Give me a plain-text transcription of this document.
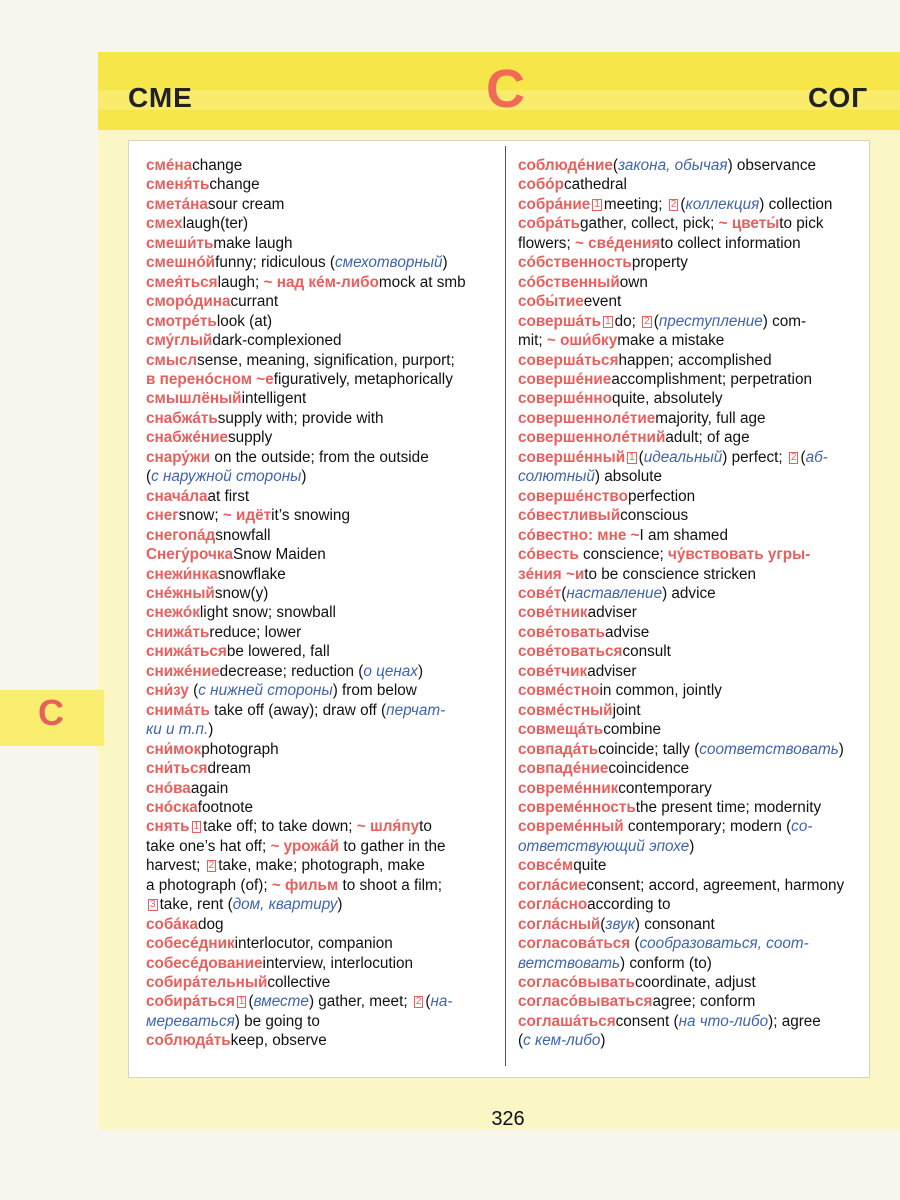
С
СМЕ	С	СОГ
смéнаchange
сменя́тьchange
сметáнаsour cream
смехlaugh(ter)
смеши́тьmake laugh
смешнóйfunny; ridiculous (смехотворный)
смея́тьсяlaugh; ~ над кéм-либоmock at smb
сморóдинаcurrant
смотрéтьlook (at)
сму́глыйdark-complexioned
смыслsense, meaning, signification, purport;
в перенóсном ~еfiguratively, metaphorically
смышлёныйintelligent
снабжáтьsupply with; provide with
снабжéниеsupply
снару́жи on the outside; from the outside
(с наружной стороны)
сначáлаat first
снегsnow; ~ идётit’s snowing
снегопáдsnowfall
Снегу́рочкаSnow Maiden
снежи́нкаsnowflake
снéжныйsnow(y)
снежóкlight snow; snowball
снижáтьreduce; lower
снижáтьсяbe lowered, fall
снижéниеdecrease; reduction (о ценах)
сни́зу (с нижней стороны) from below
снимáть take off (away); draw off (перчат-
ки и т.п.)
сни́мокphotograph
сни́тьсяdream
снóваagain
снóскаfootnote
снять 1 take off; to take down; ~ шля́пуto
take one’s hat off; ~ урожáй to gather in the
harvest; 2 take, make; photograph, make
a photograph (of); ~ фильм to shoot a film;
3 take, rent (дом, квартиру)
собáкаdog
собесéдникinterlocutor, companion
собесéдованиеinterview, interlocution
собирáтельныйcollective
собирáться 1 (вместе) gather, meet; 2 (на-
мереваться) be going to
соблюдáтьkeep, observe
соблюдéние(закона, обычая) observance
собóрcathedral
собрáние 1 meeting; 2 (коллекция) collection
собрáтьgather, collect, pick; ~ цветы́to pick
flowers; ~ свéденияto collect information
сóбственностьproperty
сóбственныйown
собы́тиеevent
совершáть 1 do; 2 (преступление) com-
mit; ~ оши́бкуmake a mistake
совершáтьсяhappen; accomplished
совершéниеaccomplishment; perpetration
совершéнноquite, absolutely
совершеннолéтиеmajority, full age
совершеннолéтнийadult; of age
совершéнный 1 (идеальный) perfect; 2 (аб-
солютный) absolute
совершéнствоperfection
сóвестливыйconscious
сóвестно: мне ~I am shamed
сóвесть conscience; чу́вствовать угры-
зéния ~иto be conscience stricken
совéт(наставление) advice
совéтникadviser
совéтоватьadvise
совéтоватьсяconsult
совéтчикadviser
совмéстноin common, jointly
совмéстныйjoint
совмещáтьcombine
совпадáтьcoincide; tally (соответствовать)
совпадéниеcoincidence
совремéнникcontemporary
совремéнностьthe present time; modernity
совремéнный contemporary; modern (со-
ответствующий эпохе)
совсéмquite
соглáсиеconsent; accord, agreement, harmony
соглáсноaccording to
соглáсный(звук) consonant
согласовáться (сообразоваться, соот-
ветствовать) conform (to)
согласóвыватьcoordinate, adjust
согласóвыватьсяagree; conform
соглашáтьсяconsent (на что-либо); agree
(с кем-либо)
326
